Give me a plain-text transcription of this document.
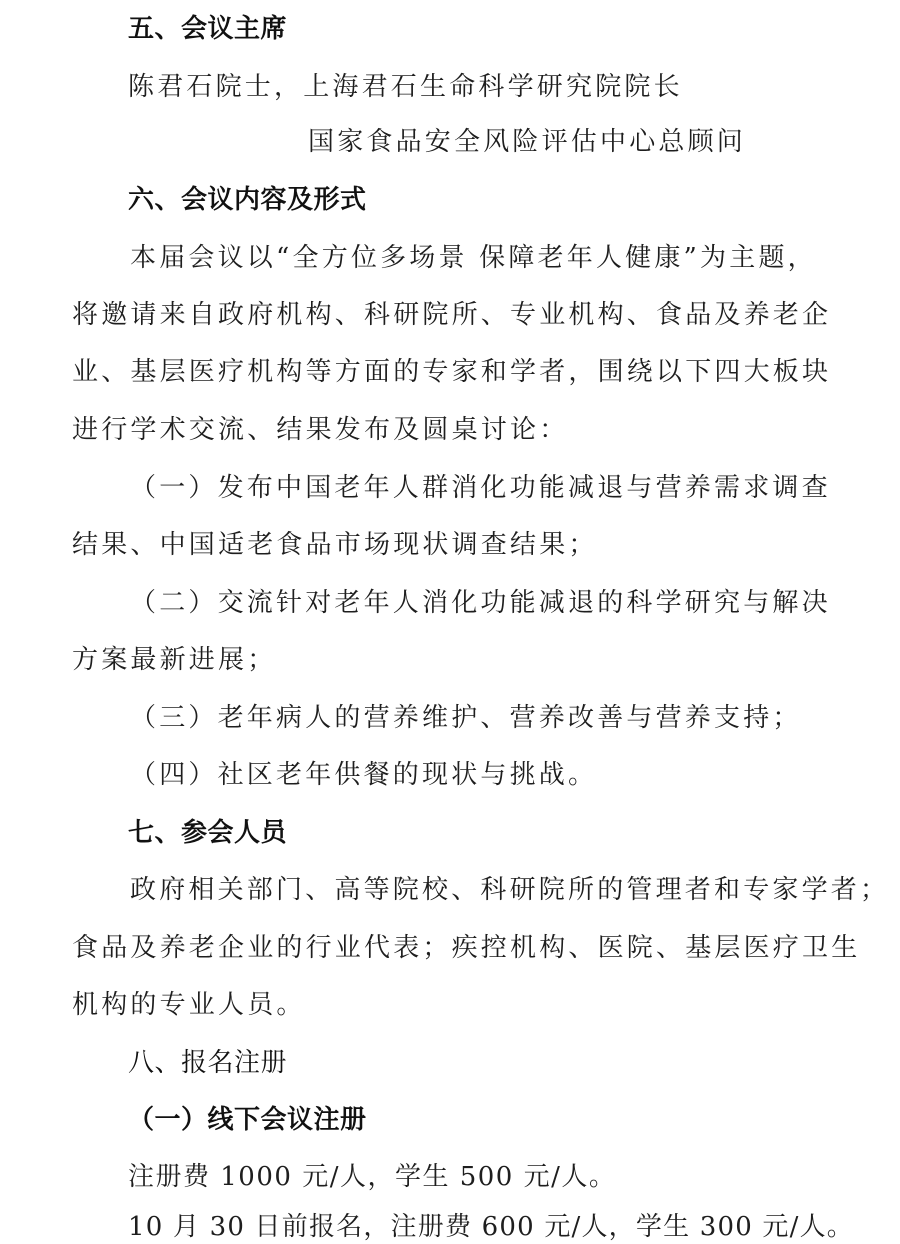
五、会议主席
陈君石院士，上海君石生命科学研究院院长
国家食品安全风险评估中心总顾问
六、会议内容及形式
本届会议以“全方位多场景 保障老年人健康”为主题，
将邀请来自政府机构、科研院所、专业机构、食品及养老企
业、基层医疗机构等方面的专家和学者，围绕以下四大板块
进行学术交流、结果发布及圆桌讨论：
（一）发布中国老年人群消化功能减退与营养需求调查
结果、中国适老食品市场现状调查结果；
（二）交流针对老年人消化功能减退的科学研究与解决
方案最新进展；
（三）老年病人的营养维护、营养改善与营养支持；
（四）社区老年供餐的现状与挑战。
七、参会人员
政府相关部门、高等院校、科研院所的管理者和专家学者；
食品及养老企业的行业代表；疾控机构、医院、基层医疗卫生
机构的专业人员。
八、报名注册
（一）线下会议注册
注册费 1000 元/人，学生 500 元/人。
10 月 30 日前报名，注册费 600 元/人，学生 300 元/人。
